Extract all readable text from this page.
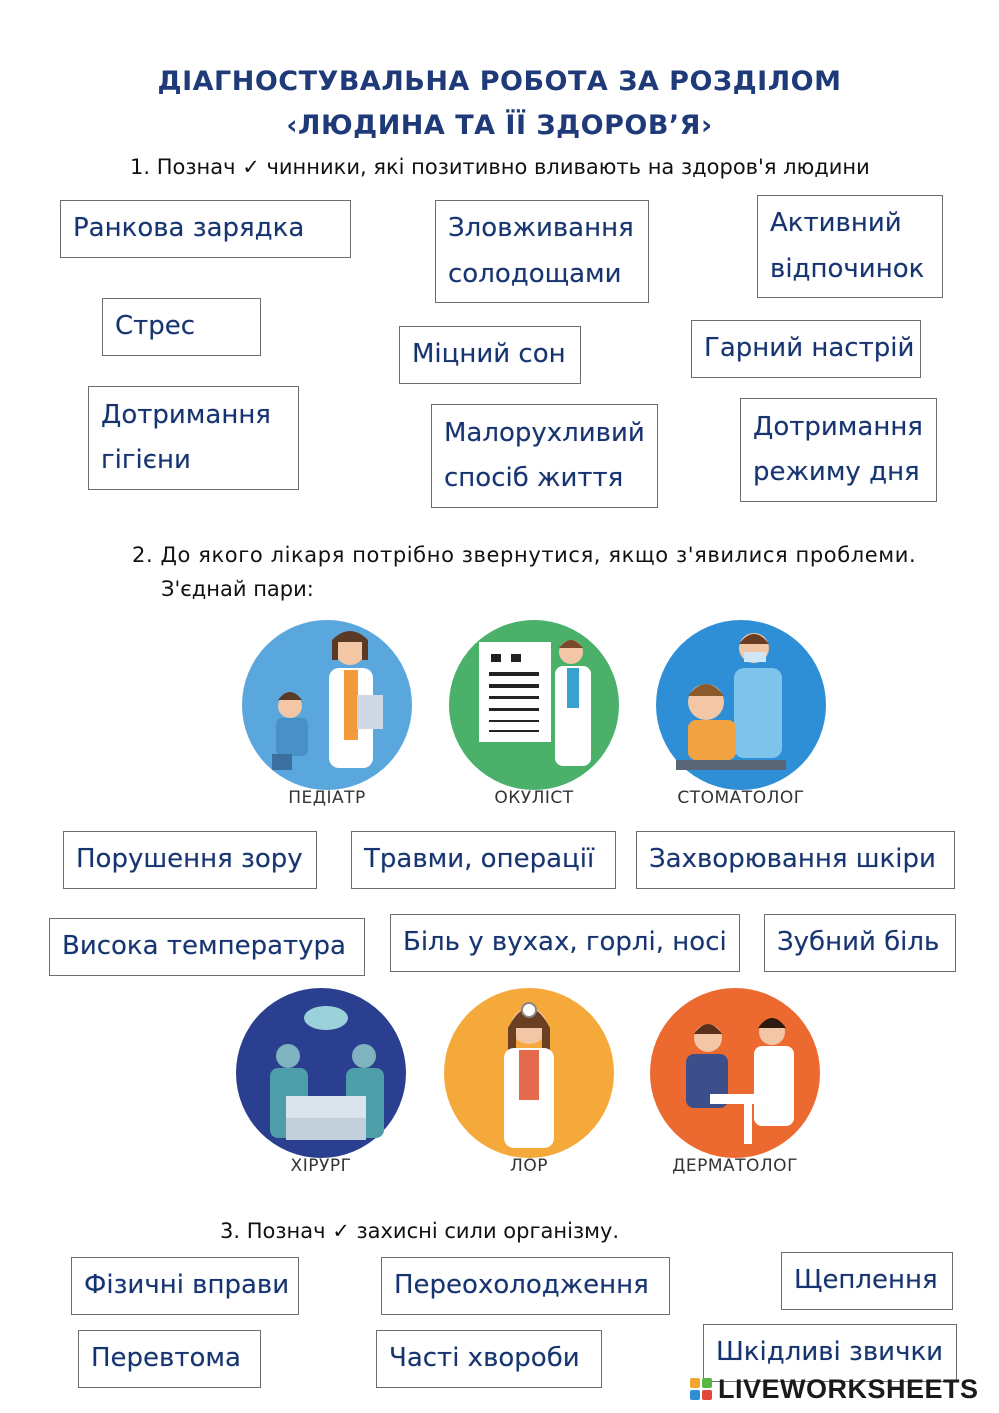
ДІАГНОСТУВАЛЬНА РОБОТА ЗА РОЗДІЛОМ
‹ЛЮДИНА ТА ЇЇ ЗДОРОВ’Я›

1. Познач ✓ чинники, які позитивно вливають на здоров'я людини

Ранкова зарядка	Зловживання
солодощами
Активний
відпочинок
Стрес
Міцний сон	Гарний настрій
Дотримання
гігієни
Малорухливий
спосіб життя
Дотримання
режиму дня

2. До якого лікаря потрібно звернутися, якщо з'явилися проблеми.

З'єднай пари:

ПЕДІАТР	ОКУЛІСТ	СТОМАТОЛОГ
Порушення зору Травми, операції	Захворювання шкіри
Висока температура Біль у вухах, горлі, носі Зубний біль
ХІРУРГ	ЛОР	ДЕРМАТОЛОГ

3. Познач ✓ захисні сили організму.

Фізичні вправи	Переохолодження	Щеплення
Перевтома	Часті хвороби	Шкідливі звички
LIVEWORKSHEETS
